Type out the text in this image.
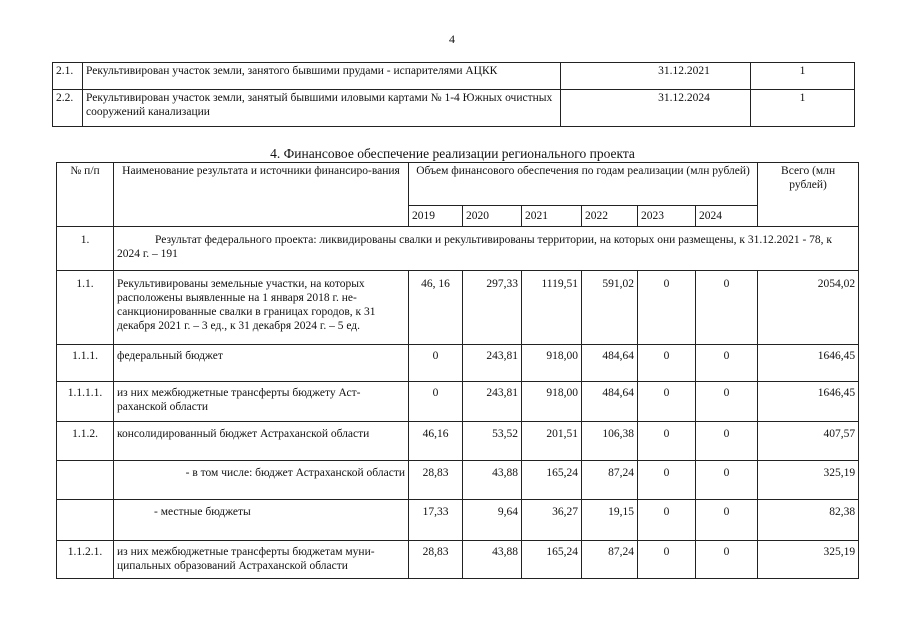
4
2.1.	Рекультивирован участок земли, занятого бывшими прудами - испарителями АЦКК	31.12.2021	1
2.2.	Рекультивирован участок земли, занятый бывшими иловыми картами № 1-4 Южных очистных сооружений канализации	31.12.2024	1
4. Финансовое обеспечение реализации регионального проекта
№ п/п	Наименование результата и источники финансиро-вания	Объем финансового обеспечения по годам реализации (млн рублей)						Всего (млн рублей)
		2019	2020	2021	2022	2023	2024	
1.	Результат федерального проекта: ликвидированы свалки и рекультивированы территории, на которых они размещены, к 31.12.2021 - 78, к 2024 г. – 191							
1.1.	Рекультивированы земельные участки, на которых расположены выявленные на 1 января 2018 г. не-санкционированные свалки в границах городов, к 31 декабря 2021 г. – 3 ед., к 31 декабря 2024 г. – 5 ед.	46, 16	297,33	1119,51	591,02	0	0	2054,02
1.1.1.	федеральный бюджет	0	243,81	918,00	484,64	0	0	1646,45
1.1.1.1.	из них межбюджетные трансферты бюджету Аст-раханской области	0	243,81	918,00	484,64	0	0	1646,45
1.1.2.	консолидированный бюджет Астраханской области	46,16	53,52	201,51	106,38	0	0	407,57
	- в том числе: бюджет Астраханской области	28,83	43,88	165,24	87,24	0	0	325,19
	- местные бюджеты	17,33	9,64	36,27	19,15	0	0	82,38
1.1.2.1.	из них межбюджетные трансферты бюджетам муни-ципальных образований Астраханской области	28,83	43,88	165,24	87,24	0	0	325,19
